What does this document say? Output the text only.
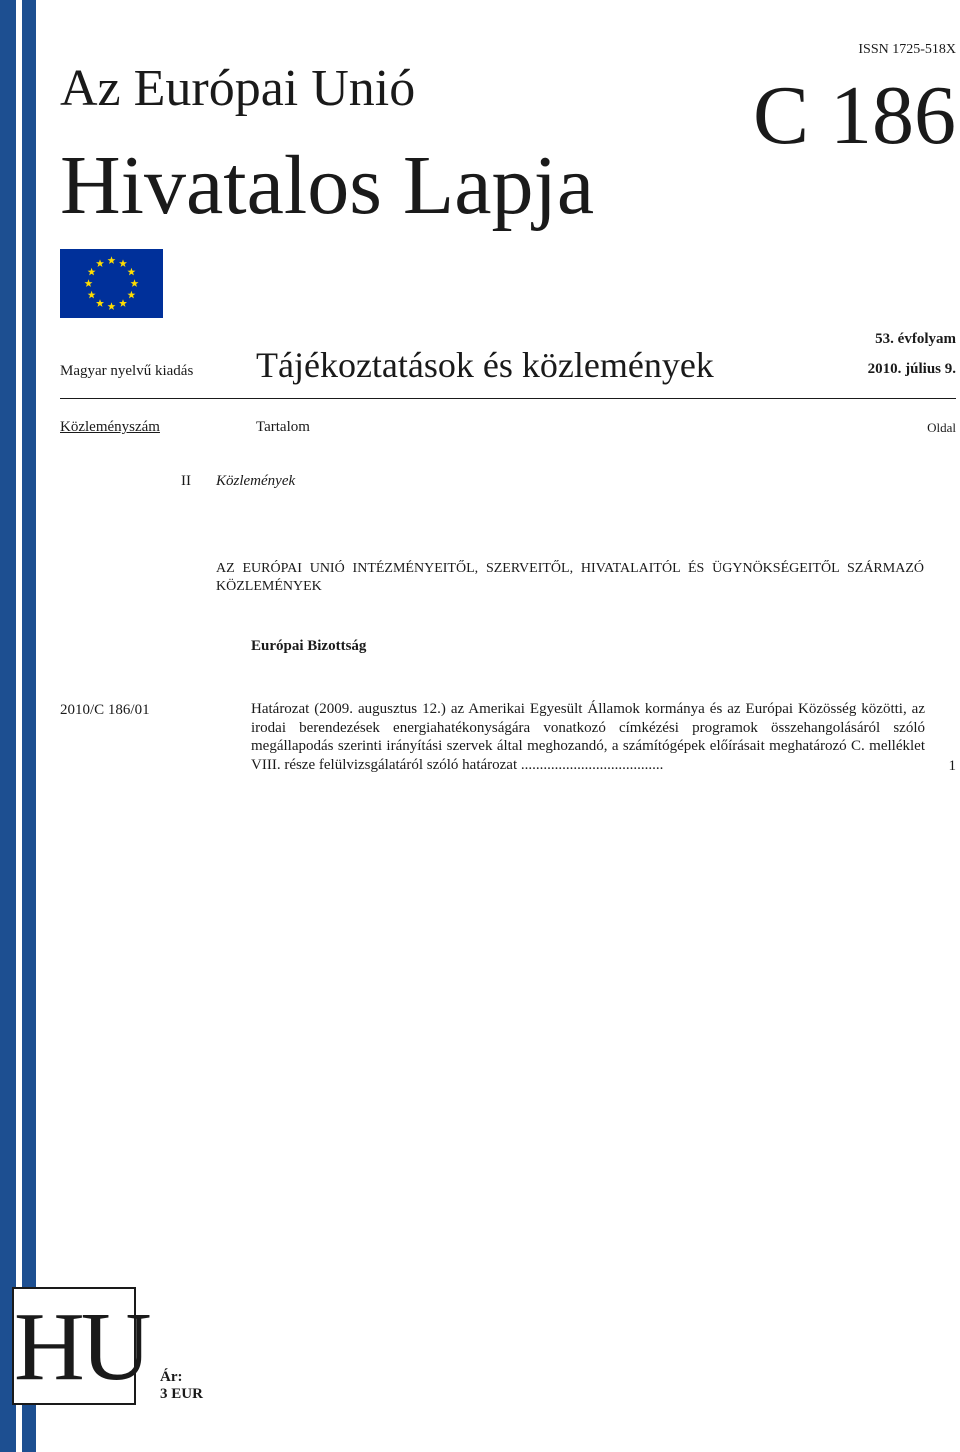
Az Európai Unió
Hivatalos Lapja
ISSN 1725-518X
C 186
Magyar nyelvű kiadás Tájékoztatások és közlemények
53. évfolyam
2010. július 9.
Közleményszám	Tartalom	Oldal
II Közlemények
AZ EURÓPAI UNIÓ INTÉZMÉNYEITŐL, SZERVEITŐL, HIVATALAITÓL ÉS ÜGYNÖKSÉGEITŐL SZÁRMAZÓ KÖZLEMÉNYEK
Európai Bizottság
2010/C 186/01	Határozat (2009. augusztus 12.) az Amerikai Egyesült Államok kormánya és az Európai Közösség közötti, az irodai berendezések energiahatékonyságára vonatkozó címkézési programok összehangolásáról szóló megállapodás szerinti irányítási szervek által meghozandó, a számítógépek előírásait meghatározó C. melléklet VIII. része felülvizsgálatáról szóló határozat ......................................	1
HU Ár:
3 EUR
